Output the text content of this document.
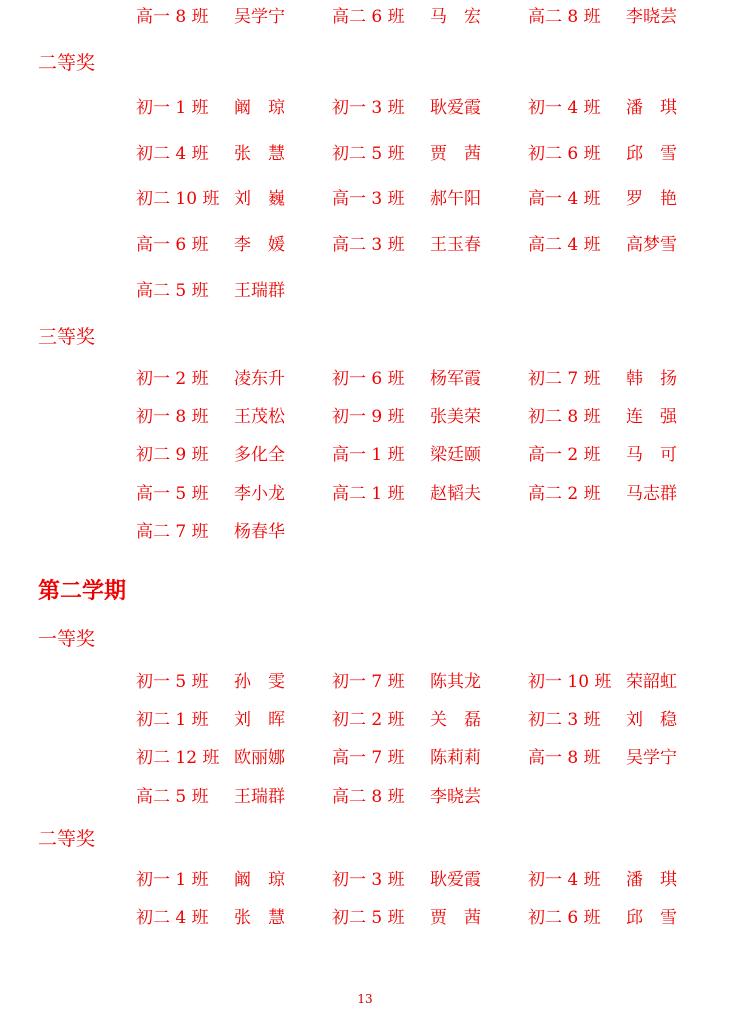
13
高一 8 班 吴学宁	高二 6 班 马　宏	高二 8 班 李晓芸
二等奖
初一 1 班 阚　琼	初一 3 班 耿爱霞	初一 4 班 潘　琪
初二 4 班 张　慧	初二 5 班 贾　茜	初二 6 班 邱　雪
初二 10 班 刘　巍	高一 3 班 郝午阳	高一 4 班 罗　艳
高一 6 班 李　媛	高二 3 班 王玉春	高二 4 班 高梦雪
高二 5 班 王瑞群
三等奖
初一 2 班 凌东升	初一 6 班 杨军霞	初二 7 班 韩　扬
初一 8 班 王茂松	初一 9 班 张美荣	初二 8 班 连　强
初二 9 班 多化全	高一 1 班 梁廷颐	高一 2 班 马　可
高一 5 班 李小龙	高二 1 班 赵韬夫	高二 2 班 马志群
高二 7 班 杨春华
第二学期
一等奖
初一 5 班 孙　雯	初一 7 班 陈其龙	初一 10 班 荣韶虹
初二 1 班 刘　晖	初二 2 班 关　磊	初二 3 班 刘　稳
初二 12 班 欧丽娜	高一 7 班 陈莉莉	高一 8 班 吴学宁
高二 5 班 王瑞群	高二 8 班 李晓芸
二等奖
初一 1 班 阚　琼	初一 3 班 耿爱霞	初一 4 班 潘　琪
初二 4 班 张　慧	初二 5 班 贾　茜	初二 6 班 邱　雪
